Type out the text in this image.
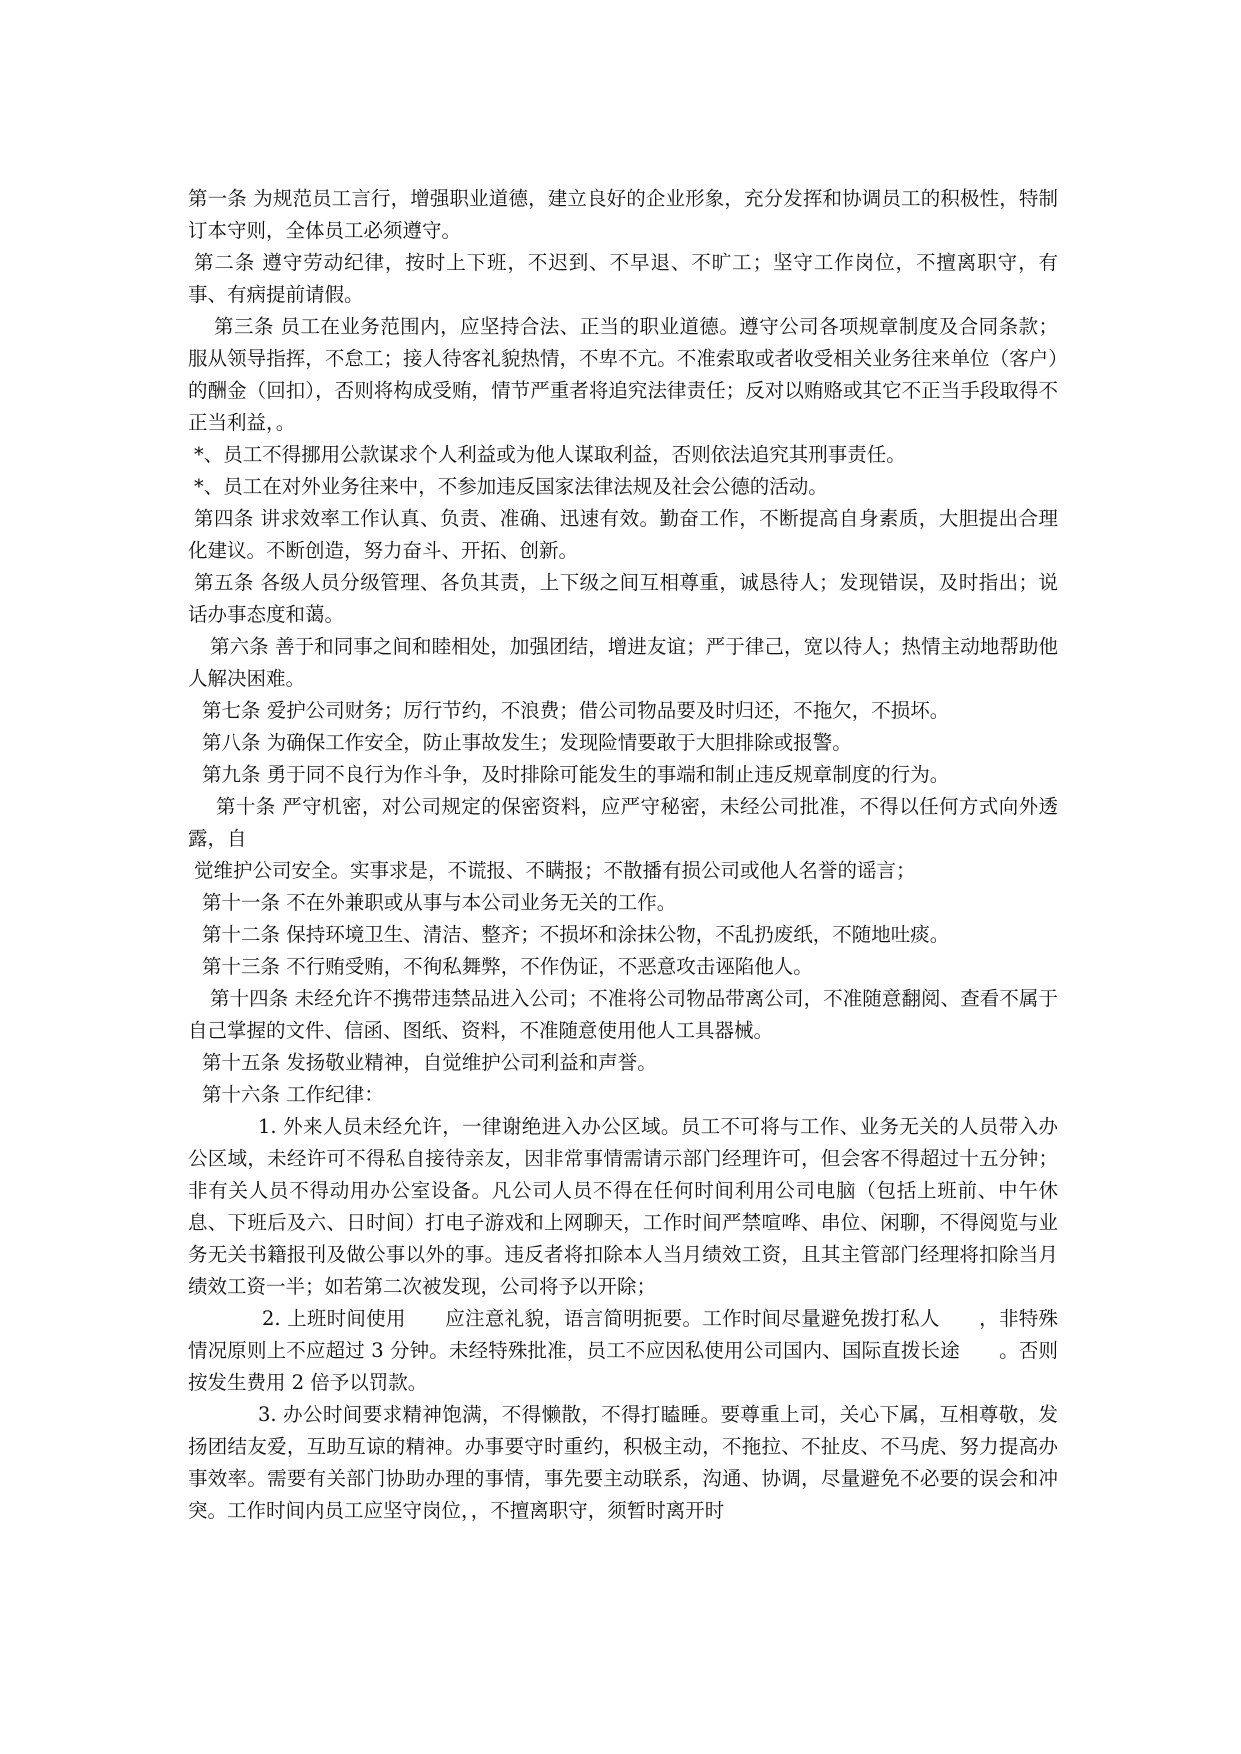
第一条 为规范员工言行，增强职业道德，建立良好的企业形象，充分发挥和协调员工的积极性，特制订本守则，全体员工必须遵守。

第二条 遵守劳动纪律，按时上下班，不迟到、不早退、不旷工；坚守工作岗位，不擅离职守，有事、有病提前请假。

第三条 员工在业务范围内，应坚持合法、正当的职业道德。遵守公司各项规章制度及合同条款；服从领导指挥，不怠工；接人待客礼貌热情，不卑不亢。不准索取或者收受相关业务往来单位（客户）的酬金（回扣），否则将构成受贿，情节严重者将追究法律责任；反对以贿赂或其它不正当手段取得不正当利益，。

*、员工不得挪用公款谋求个人利益或为他人谋取利益，否则依法追究其刑事责任。

*、员工在对外业务往来中，不参加违反国家法律法规及社会公德的活动。

第四条 讲求效率工作认真、负责、准确、迅速有效。勤奋工作，不断提高自身素质，大胆提出合理化建议。不断创造，努力奋斗、开拓、创新。

第五条 各级人员分级管理、各负其责，上下级之间互相尊重，诚恳待人；发现错误，及时指出；说话办事态度和蔼。

第六条 善于和同事之间和睦相处，加强团结，增进友谊；严于律己，宽以待人；热情主动地帮助他人解决困难。

第七条 爱护公司财务；厉行节约，不浪费；借公司物品要及时归还，不拖欠，不损坏。

第八条 为确保工作安全，防止事故发生；发现险情要敢于大胆排除或报警。

第九条 勇于同不良行为作斗争，及时排除可能发生的事端和制止违反规章制度的行为。

第十条 严守机密，对公司规定的保密资料，应严守秘密，未经公司批准，不得以任何方式向外透露，自

觉维护公司安全。实事求是，不谎报、不瞒报；不散播有损公司或他人名誉的谣言；

第十一条 不在外兼职或从事与本公司业务无关的工作。

第十二条 保持环境卫生、清洁、整齐；不损坏和涂抹公物，不乱扔废纸，不随地吐痰。

第十三条 不行贿受贿，不徇私舞弊，不作伪证，不恶意攻击诬陷他人。

第十四条 未经允许不携带违禁品进入公司；不准将公司物品带离公司，不准随意翻阅、查看不属于自己掌握的文件、信函、图纸、资料，不准随意使用他人工具器械。

第十五条 发扬敬业精神，自觉维护公司利益和声誉。

第十六条 工作纪律：

1. 外来人员未经允许，一律谢绝进入办公区域。员工不可将与工作、业务无关的人员带入办公区域，未经许可不得私自接待亲友，因非常事情需请示部门经理许可，但会客不得超过十五分钟；非有关人员不得动用办公室设备。凡公司人员不得在任何时间利用公司电脑（包括上班前、中午休息、下班后及六、日时间）打电子游戏和上网聊天，工作时间严禁喧哗、串位、闲聊，不得阅览与业务无关书籍报刊及做公事以外的事。违反者将扣除本人当月绩效工资，且其主管部门经理将扣除当月绩效工资一半；如若第二次被发现，公司将予以开除；

2. 上班时间使用　　应注意礼貌，语言简明扼要。工作时间尽量避免拨打私人　　，非特殊情况原则上不应超过 3 分钟。未经特殊批准，员工不应因私使用公司国内、国际直拨长途　　。否则按发生费用 2 倍予以罚款。

3. 办公时间要求精神饱满，不得懒散，不得打瞌睡。要尊重上司，关心下属，互相尊敬，发扬团结友爱，互助互谅的精神。办事要守时重约，积极主动，不拖拉、不扯皮、不马虎、努力提高办事效率。需要有关部门协助办理的事情，事先要主动联系，沟通、协调，尽量避免不必要的误会和冲突。工作时间内员工应坚守岗位，，不擅离职守，须暂时离开时
